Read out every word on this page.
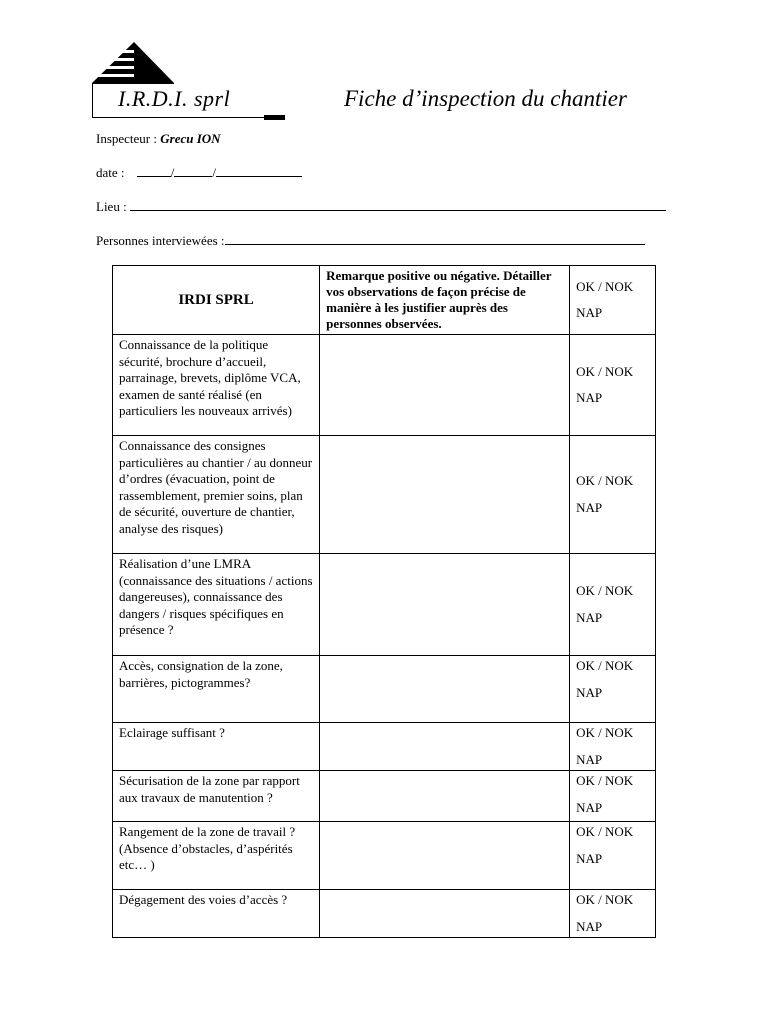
I.R.D.I. sprl	Fiche d’inspection du chantier
Inspecteur : Grecu ION
date :	/	/
Lieu :
Personnes interviewées :
IRDI SPRL	Remarque positive ou négative. Détailler vos observations de façon précise de manière à les justifier auprès des personnes observées.	OK / NOK
NAP

Connaissance de la politique sécurité, brochure d’accueil, parrainage, brevets, diplôme VCA, examen de santé réalisé (en particuliers les nouveaux arrivés)		OK / NOK
NAP

Connaissance des consignes particulières au chantier / au donneur d’ordres (évacuation, point de rassemblement, premier soins, plan de sécurité, ouverture de chantier, analyse des risques)		OK / NOK
NAP

Réalisation d’une LMRA (connaissance des situations / actions dangereuses), connaissance des dangers / risques spécifiques en présence ?		OK / NOK
NAP

Accès, consignation de la zone, barrières, pictogrammes?		OK / NOK
NAP

Eclairage suffisant ?		OK / NOK
NAP

Sécurisation de la zone par rapport aux travaux de manutention ?		OK / NOK
NAP

Rangement de la zone de travail ? (Absence d’obstacles, d’aspérités etc… )		OK / NOK
NAP

Dégagement des voies d’accès ?		OK / NOK
NAP
